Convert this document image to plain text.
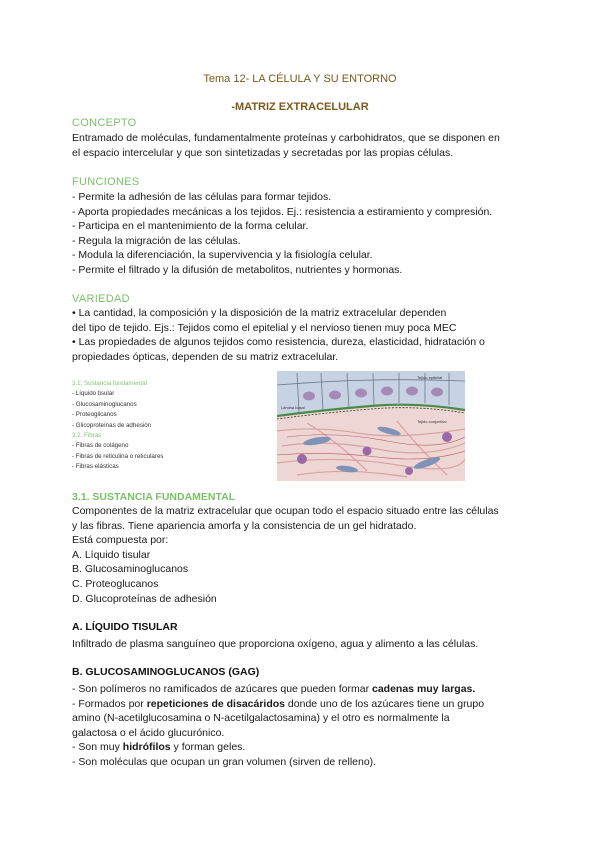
Tema 12- LA CÉLULA Y SU ENTORNO
-MATRIZ EXTRACELULAR
CONCEPTO
Entramado de moléculas, fundamentalmente proteínas y carbohidratos, que se disponen en
el espacio intercelular y que son sintetizadas y secretadas por las propias células.
FUNCIONES
- Permite la adhesión de las células para formar tejidos.
- Aporta propiedades mecánicas a los tejidos. Ej.: resistencia a estiramiento y compresión.
- Participa en el mantenimiento de la forma celular.
- Regula la migración de las células.
- Modula la diferenciación, la supervivencia y la fisiología celular.
- Permite el filtrado y la difusión de metabolitos, nutrientes y hormonas.
VARIEDAD
• La cantidad, la composición y la disposición de la matriz extracelular dependen
del tipo de tejido. Ejs.: Tejidos como el epitelial y el nervioso tienen muy poca MEC
• Las propiedades de algunos tejidos como resistencia, dureza, elasticidad, hidratación o
propiedades ópticas, dependen de su matriz extracelular.
3.1. Sustancia fundamental
- Líquido tisular
- Glucosaminoglucanos
- Proteoglicanos
- Glicoproteínas de adhesión
3.2. Fibras
- Fibras de colágeno
- Fibras de reticulina o reticulares
- Fibras elásticas
Tejido epitelial
Lámina basal
Tejido conjuntivo
3.1. SUSTANCIA FUNDAMENTAL
Componentes de la matriz extracelular que ocupan todo el espacio situado entre las células
y las fibras. Tiene apariencia amorfa y la consistencia de un gel hidratado.
Está compuesta por:
A. Líquido tisular
B. Glucosaminoglucanos
C. Proteoglucanos
D. Glucoproteínas de adhesión
A. LÍQUIDO TISULAR
Infiltrado de plasma sanguíneo que proporciona oxígeno, agua y alimento a las células.
B. GLUCOSAMINOGLUCANOS (GAG)
- Son polímeros no ramificados de azúcares que pueden formar cadenas muy largas.
- Formados por repeticiones de disacáridos donde uno de los azúcares tiene un grupo
amino (N-acetilglucosamina o N-acetilgalactosamina) y el otro es normalmente la
galactosa o el ácido glucurónico.
- Son muy hidrófilos y forman geles.
- Son moléculas que ocupan un gran volumen (sirven de relleno).
